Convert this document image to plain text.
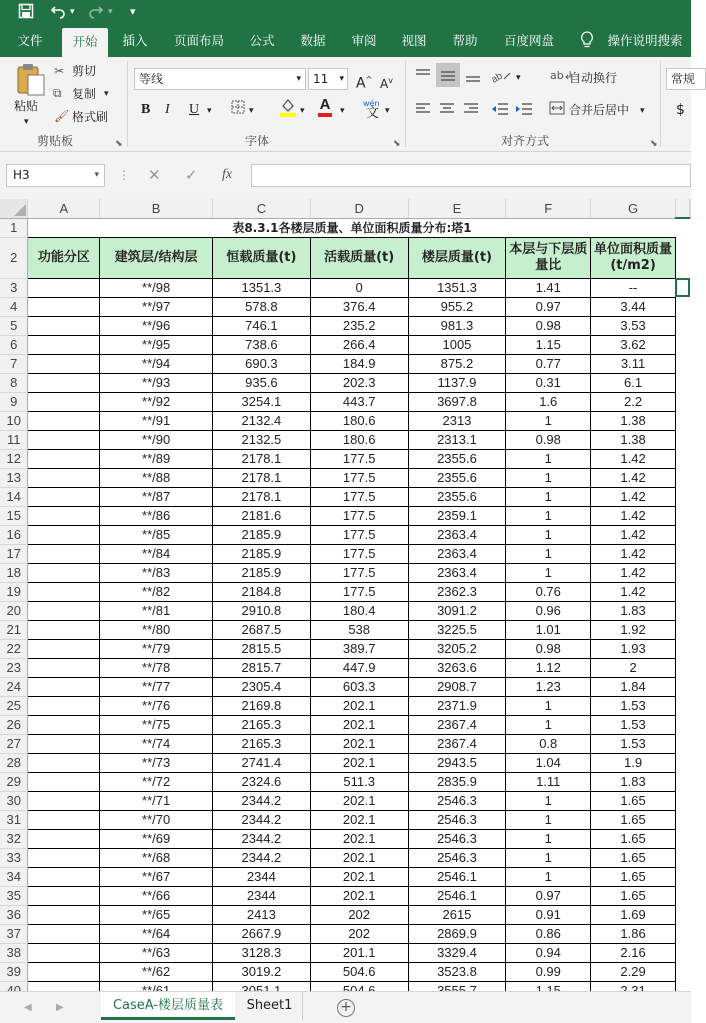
▾	▾ ▾
文件	开始	插入	页面布局	公式	数据	审阅	视图	帮助	百度网盘	操作说明搜索
粘贴
▾
✂ 剪切
⧉ 复制 ▾
🖌 格式刷
剪贴板	⬊
等线	▾	11 ▾ A^ $A^v$
B I U ▾	▾	▾ A ▾
wén
文 ▾
字体	⬊
ab ▾	ab↲
自动换行
合并后居中 ▾
对齐方式	⬊
常规
$
H3	▾ ⋮ ✕ ✓ fx
	A	B	C	D	E	F	G		
1	表8.3.1各楼层质量、单位面积质量分布:塔1								
2	功能分区	建筑层/结构层	恒载质量(t)	活载质量(t)	楼层质量(t)	本层与下层质量比	单位面积质量(t/m2)		
3		**/98	1351.3	0	1351.3	1.41	--		
4		**/97	578.8	376.4	955.2	0.97	3.44		
5		**/96	746.1	235.2	981.3	0.98	3.53		
6		**/95	738.6	266.4	1005	1.15	3.62		
7		**/94	690.3	184.9	875.2	0.77	3.11		
8		**/93	935.6	202.3	1137.9	0.31	6.1		
9		**/92	3254.1	443.7	3697.8	1.6	2.2		
10		**/91	2132.4	180.6	2313	1	1.38		
11		**/90	2132.5	180.6	2313.1	0.98	1.38		
12		**/89	2178.1	177.5	2355.6	1	1.42		
13		**/88	2178.1	177.5	2355.6	1	1.42		
14		**/87	2178.1	177.5	2355.6	1	1.42		
15		**/86	2181.6	177.5	2359.1	1	1.42		
16		**/85	2185.9	177.5	2363.4	1	1.42		
17		**/84	2185.9	177.5	2363.4	1	1.42		
18		**/83	2185.9	177.5	2363.4	1	1.42		
19		**/82	2184.8	177.5	2362.3	0.76	1.42		
20		**/81	2910.8	180.4	3091.2	0.96	1.83		
21		**/80	2687.5	538	3225.5	1.01	1.92		
22		**/79	2815.5	389.7	3205.2	0.98	1.93		
23		**/78	2815.7	447.9	3263.6	1.12	2		
24		**/77	2305.4	603.3	2908.7	1.23	1.84		
25		**/76	2169.8	202.1	2371.9	1	1.53		
26		**/75	2165.3	202.1	2367.4	1	1.53		
27		**/74	2165.3	202.1	2367.4	0.8	1.53		
28		**/73	2741.4	202.1	2943.5	1.04	1.9		
29		**/72	2324.6	511.3	2835.9	1.11	1.83		
30		**/71	2344.2	202.1	2546.3	1	1.65		
31		**/70	2344.2	202.1	2546.3	1	1.65		
32		**/69	2344.2	202.1	2546.3	1	1.65		
33		**/68	2344.2	202.1	2546.3	1	1.65		
34		**/67	2344	202.1	2546.1	1	1.65		
35		**/66	2344	202.1	2546.1	0.97	1.65		
36		**/65	2413	202	2615	0.91	1.69		
37		**/64	2667.9	202	2869.9	0.86	1.86		
38		**/63	3128.3	201.1	3329.4	0.94	2.16		
39		**/62	3019.2	504.6	3523.8	0.99	2.29		

◀ ▶	CaseA-楼层质量表	Sheet1	+
